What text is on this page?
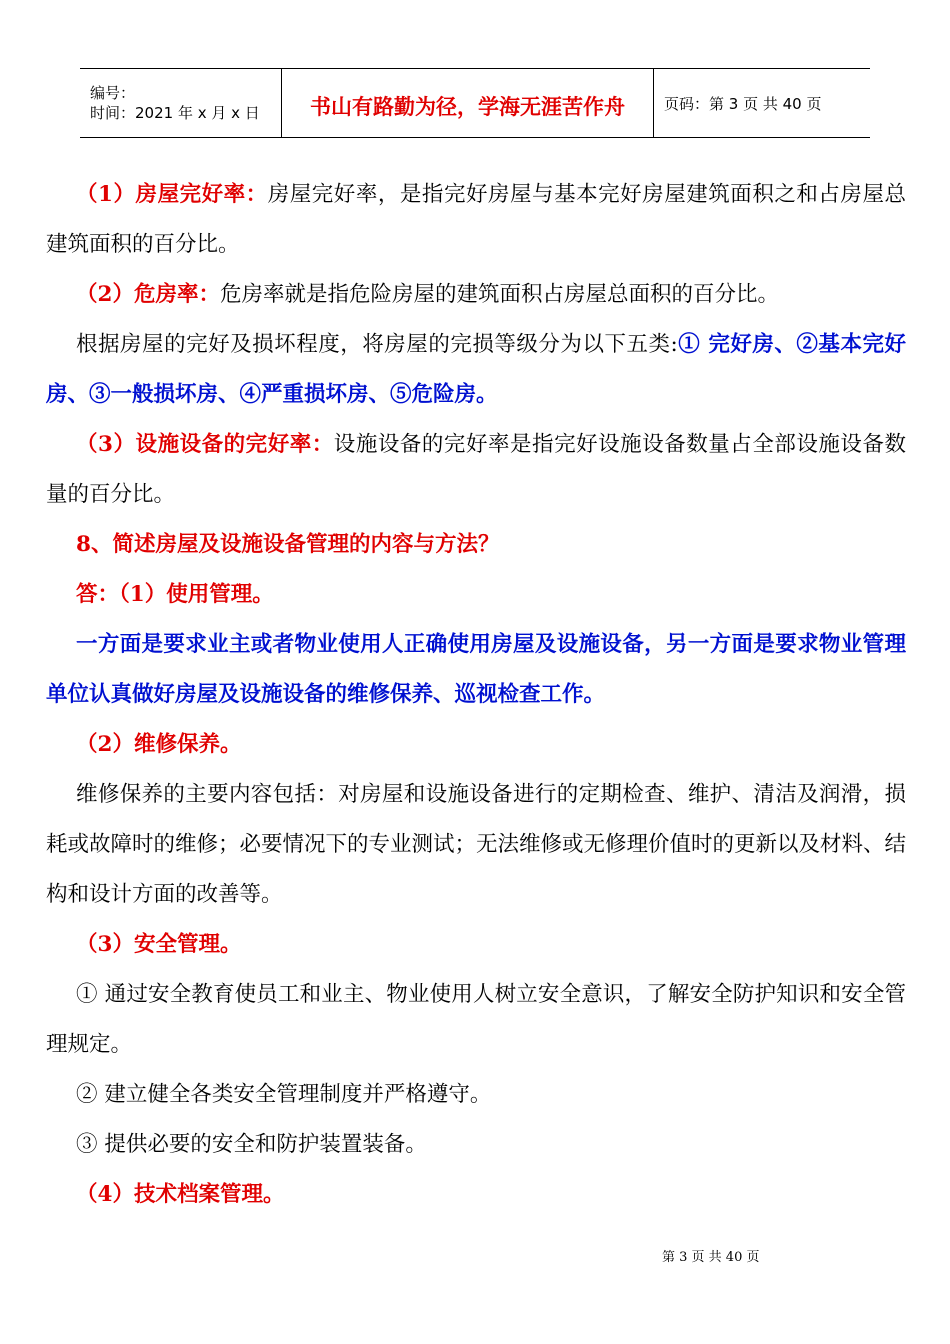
编号：
时间：2021 年 x 月 x 日	书山有路勤为径，学海无涯苦作舟	页码：第 3 页 共 40 页

（1）房屋完好率：房屋完好率，是指完好房屋与基本完好房屋建筑面积之和占房屋总建筑面积的百分比。

（2）危房率：危房率就是指危险房屋的建筑面积占房屋总面积的百分比。

根据房屋的完好及损坏程度，将房屋的完损等级分为以下五类:① 完好房、②基本完好房、③一般损坏房、④严重损坏房、⑤危险房。

（3）设施设备的完好率：设施设备的完好率是指完好设施设备数量占全部设施设备数量的百分比。

8、简述房屋及设施设备管理的内容与方法？

答：（1）使用管理。

一方面是要求业主或者物业使用人正确使用房屋及设施设备，另一方面是要求物业管理单位认真做好房屋及设施设备的维修保养、巡视检查工作。

（2）维修保养。

维修保养的主要内容包括：对房屋和设施设备进行的定期检查、维护、清洁及润滑，损耗或故障时的维修；必要情况下的专业测试；无法维修或无修理价值时的更新以及材料、结构和设计方面的改善等。

（3）安全管理。

① 通过安全教育使员工和业主、物业使用人树立安全意识，了解安全防护知识和安全管理规定。

② 建立健全各类安全管理制度并严格遵守。

③ 提供必要的安全和防护装置装备。

（4）技术档案管理。

第 3 页 共 40 页
